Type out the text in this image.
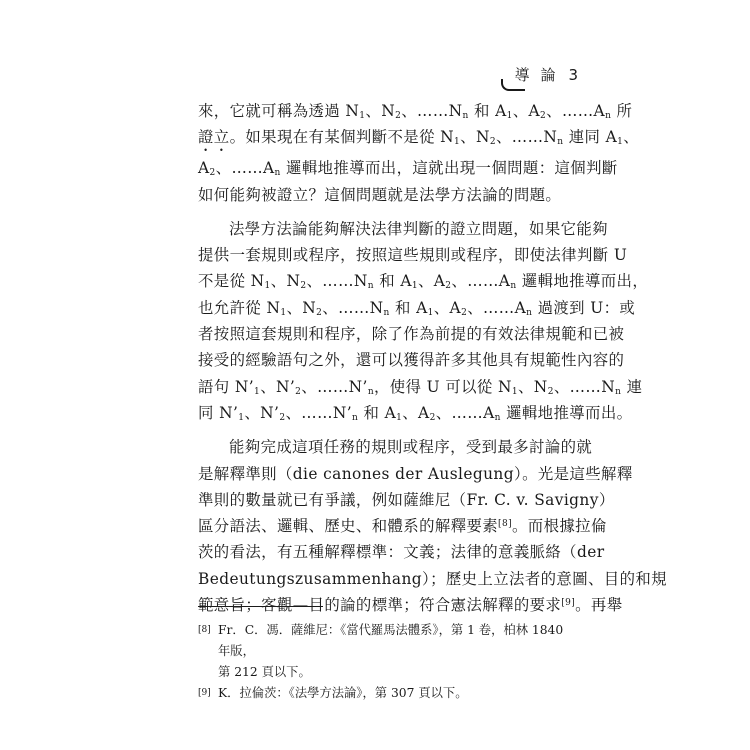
導 論 3
來，它就可稱為透過 $N_1$、$N_2$、$\dots\dots N_n$ 和 $A_1$、$A_2$、$\dots\dots A_n$ 所
證立。如果現在有某個判斷不是從 $N_1$、$N_2$、$\dots\dots N_n$ 連同 $A_1$、
$A_2$、$\dots\dots A_n$ 邏輯地推導而出，這就出現一個問題：這個判斷
如何能夠被證立？這個問題就是法學方法論的問題。
法學方法論能夠解決法律判斷的證立問題，如果它能夠
提供一套規則或程序，按照這些規則或程序，即使法律判斷 U
不是從 $N_1$、$N_2$、$\dots\dots N_n$ 和 $A_1$、$A_2$、$\dots\dots A_n$ 邏輯地推導而出，
也允許從 $N_1$、$N_2$、$\dots\dots N_n$ 和 $A_1$、$A_2$、$\dots\dots A_n$ 過渡到 U：或
者按照這套規則和程序，除了作為前提的有效法律規範和已被
接受的經驗語句之外，還可以獲得許多其他具有規範性內容的
語句 $N’_1$、$N’_2$、$\dots\dots N’_n$，使得 U 可以從 $N_1$、$N_2$、$\dots\dots N_n$ 連
同 $N’_1$、$N’_2$、$\dots\dots N’_n$ 和 $A_1$、$A_2$、$\dots\dots A_n$ 邏輯地推導而出。
能夠完成這項任務的規則或程序，受到最多討論的就
是解釋準則（die canones der Auslegung）。光是這些解釋
準則的數量就已有爭議，例如薩維尼（Fr. C. v. Savigny）
區分語法、邏輯、歷史、和體系的解釋要素[8]。而根據拉倫
茨的看法，有五種解釋標準：文義；法律的意義脈絡（der
Bedeutungszusammenhang）；歷史上立法者的意圖、目的和規
範意旨；客觀—目的論的標準；符合憲法解釋的要求[9]。再舉
[8] Fr．C．馮．薩維尼：《當代羅馬法體系》，第 1 卷，柏林 1840 年版，
第 212 頁以下。
[9] K．拉倫茨：《法學方法論》，第 307 頁以下。
